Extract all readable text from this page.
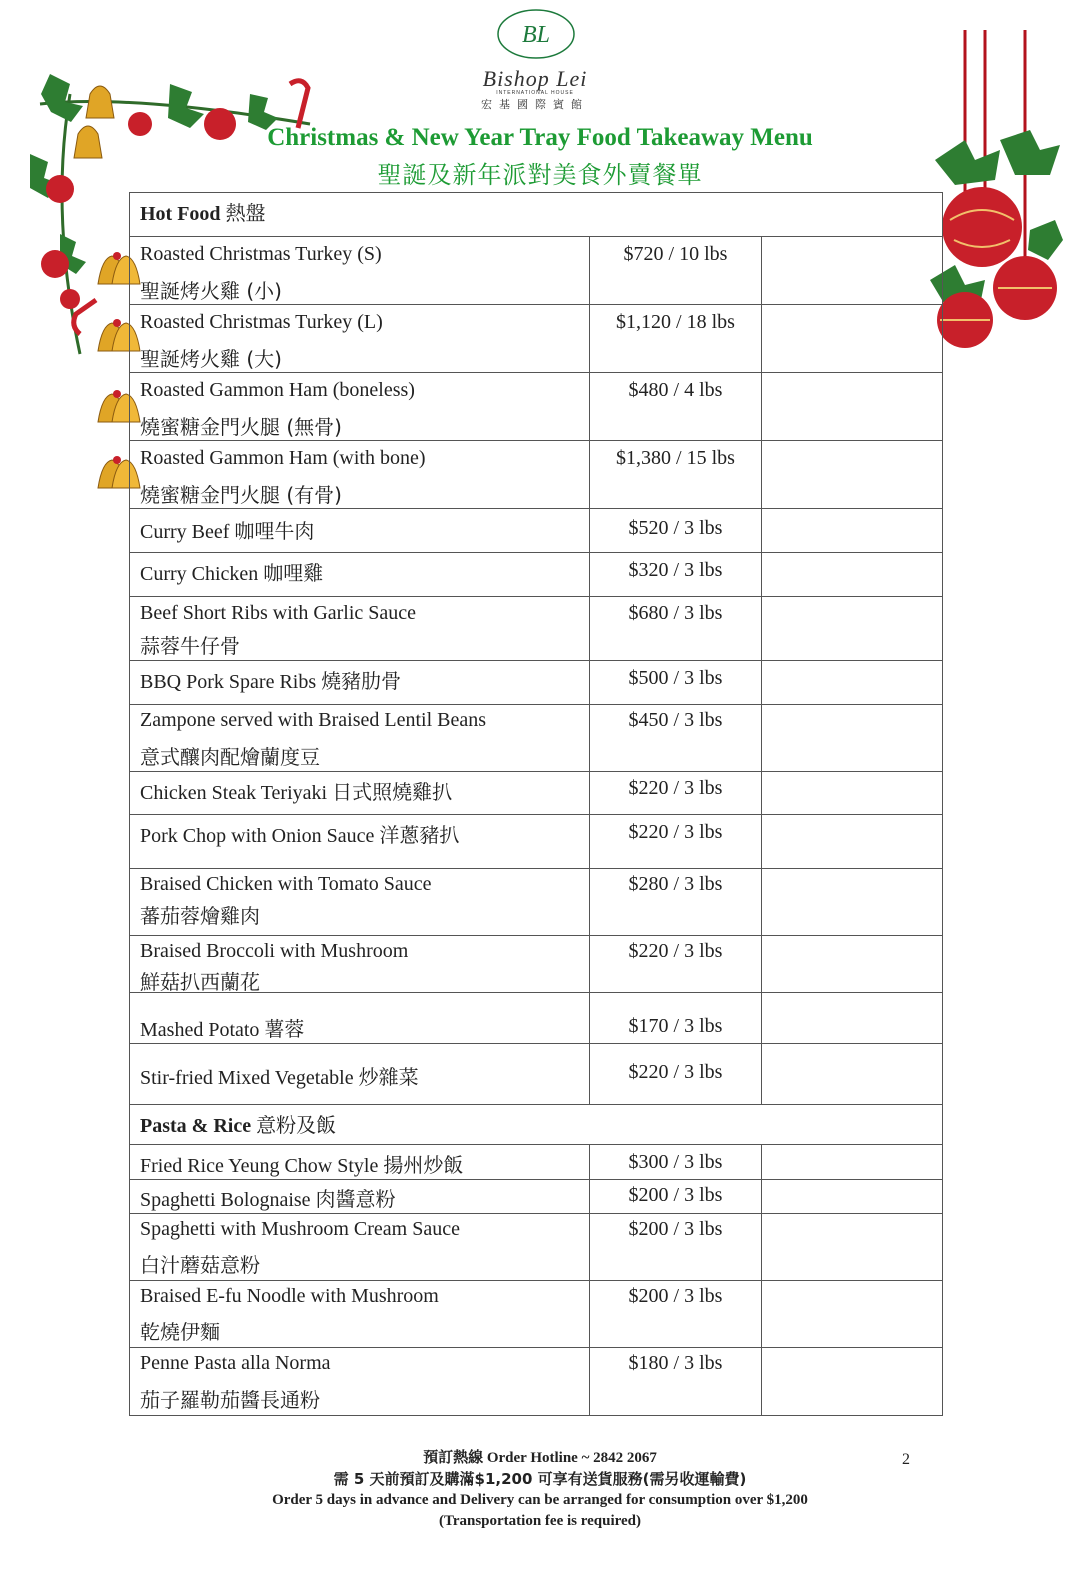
BL
Bishop Lei
INTERNATIONAL HOUSE
宏基國際賓館
Christmas & New Year Tray Food Takeaway Menu
聖誕及新年派對美食外賣餐單
Hot Food 熱盤
Roasted Christmas Turkey (S)
聖誕烤火雞 (小)
$720 / 10 lbs
Roasted Christmas Turkey (L)
聖誕烤火雞 (大)
$1,120 / 18 lbs
Roasted Gammon Ham (boneless)
燒蜜糖金門火腿 (無骨)
$480 / 4 lbs
Roasted Gammon Ham (with bone)
燒蜜糖金門火腿 (有骨)
$1,380 / 15 lbs
Curry Beef 咖哩牛肉	$520 / 3 lbs
Curry Chicken 咖哩雞	$320 / 3 lbs
Beef Short Ribs with Garlic Sauce
蒜蓉牛仔骨
$680 / 3 lbs
BBQ Pork Spare Ribs 燒豬肋骨	$500 / 3 lbs
Zampone served with Braised Lentil Beans
意式釀肉配燴蘭度豆
$450 / 3 lbs
Chicken Steak Teriyaki 日式照燒雞扒	$220 / 3 lbs
Pork Chop with Onion Sauce 洋蔥豬扒	$220 / 3 lbs
Braised Chicken with Tomato Sauce
蕃茄蓉燴雞肉
$280 / 3 lbs
Braised Broccoli with Mushroom
鮮菇扒西蘭花
$220 / 3 lbs
Mashed Potato 薯蓉	$170 / 3 lbs
Stir-fried Mixed Vegetable 炒雜菜	$220 / 3 lbs
Pasta & Rice 意粉及飯
Fried Rice Yeung Chow Style 揚州炒飯	$300 / 3 lbs
Spaghetti Bolognaise 肉醬意粉	$200 / 3 lbs
Spaghetti with Mushroom Cream Sauce
白汁蘑菇意粉
$200 / 3 lbs
Braised E-fu Noodle with Mushroom
乾燒伊麵
$200 / 3 lbs
Penne Pasta alla Norma
茄子羅勒茄醬長通粉
$180 / 3 lbs
預訂熱線 Order Hotline ~ 2842 2067
需 5 天前預訂及購滿$1,200 可享有送貨服務(需另收運輸費)
Order 5 days in advance and Delivery can be arranged for consumption over $1,200
(Transportation fee is required)
2
